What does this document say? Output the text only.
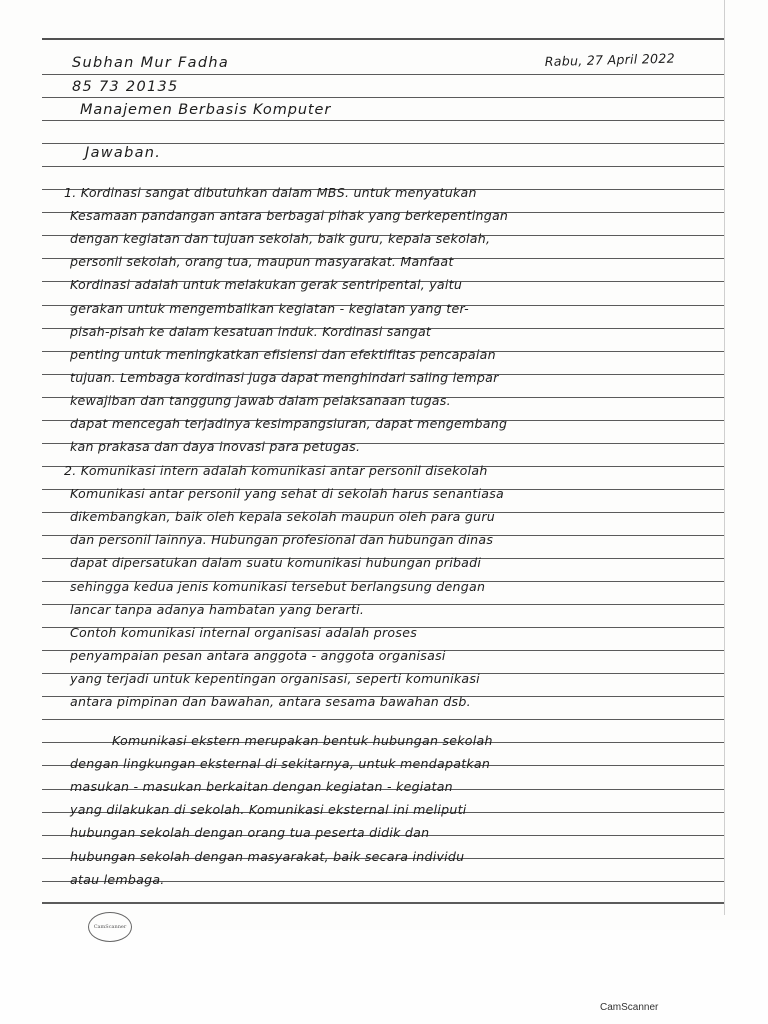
Subhan Mur Fadha	Rabu, 27 April 2022
85 73 20135
Manajemen Berbasis Komputer
Jawaban.
1. Kordinasi sangat dibutuhkan dalam MBS. untuk menyatukan
Kesamaan pandangan antara berbagai pihak yang berkepentingan
dengan kegiatan dan tujuan sekolah, baik guru, kepala sekolah,
personil sekolah, orang tua, maupun masyarakat. Manfaat
Kordinasi adalah untuk melakukan gerak sentripental, yaitu
gerakan untuk mengembalikan kegiatan - kegiatan yang ter-
pisah-pisah ke dalam kesatuan induk. Kordinasi sangat
penting untuk meningkatkan efisiensi dan efektifitas pencapaian
tujuan. Lembaga kordinasi juga dapat menghindari saling lempar
kewajiban dan tanggung jawab dalam pelaksanaan tugas.
dapat mencegah terjadinya kesimpangsiuran, dapat mengembang
kan prakasa dan daya inovasi para petugas.
2. Komunikasi intern adalah komunikasi antar personil disekolah
Komunikasi antar personil yang sehat di sekolah harus senantiasa
dikembangkan, baik oleh kepala sekolah maupun oleh para guru
dan personil lainnya. Hubungan profesional dan hubungan dinas
dapat dipersatukan dalam suatu komunikasi hubungan pribadi
sehingga kedua jenis komunikasi tersebut berlangsung dengan
lancar tanpa adanya hambatan yang berarti.
Contoh komunikasi internal organisasi adalah proses
penyampaian pesan antara anggota - anggota organisasi
yang terjadi untuk kepentingan organisasi, seperti komunikasi
antara pimpinan dan bawahan, antara sesama bawahan dsb.
Komunikasi ekstern merupakan bentuk hubungan sekolah
dengan lingkungan eksternal di sekitarnya, untuk mendapatkan
masukan - masukan berkaitan dengan kegiatan - kegiatan
yang dilakukan di sekolah. Komunikasi eksternal ini meliputi
hubungan sekolah dengan orang tua peserta didik dan
hubungan sekolah dengan masyarakat, baik secara individu
atau lembaga.
CamScanner
CamScanner
